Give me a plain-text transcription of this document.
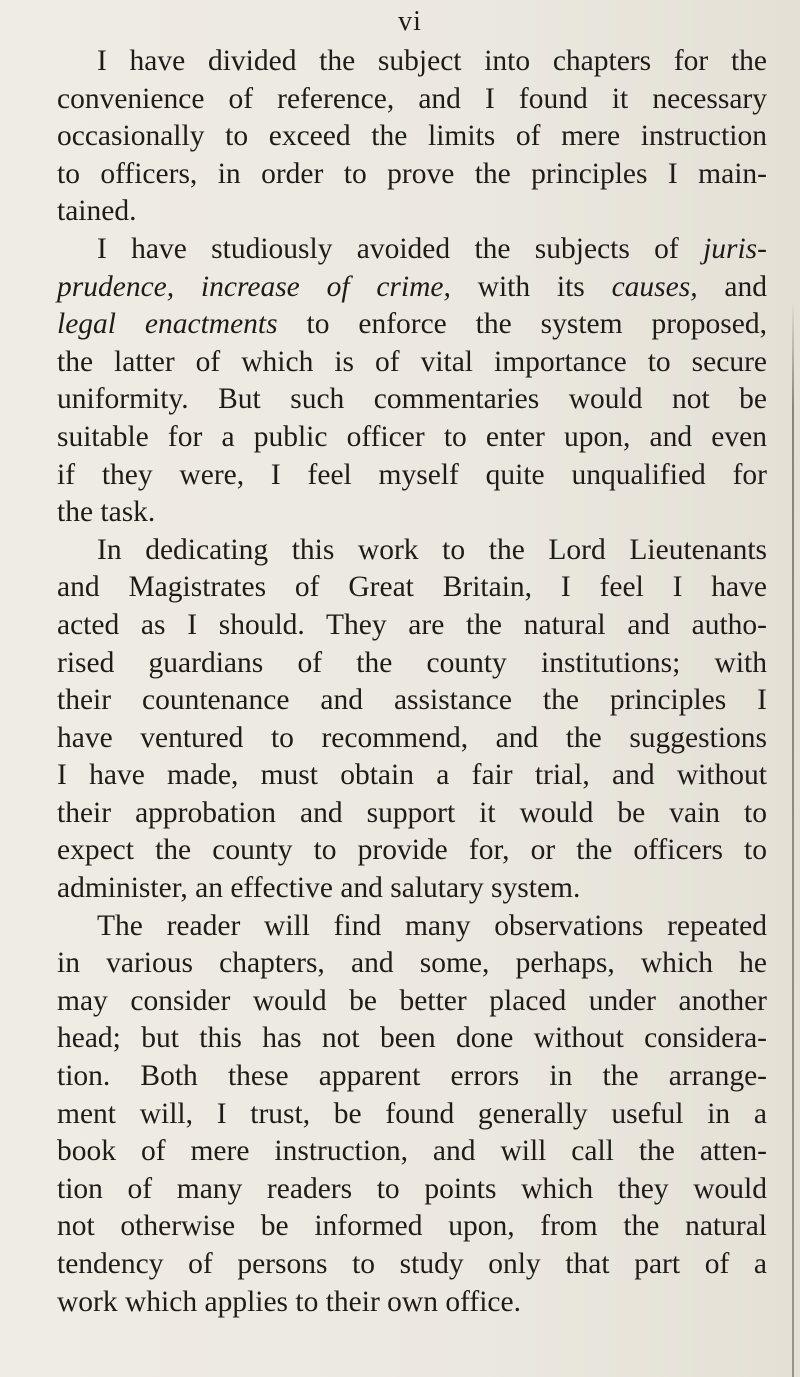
vi
I have divided the subject into chapters for the
convenience of reference, and I found it necessary
occasionally to exceed the limits of mere instruction
to officers, in order to prove the principles I main-
tained.
I have studiously avoided the subjects of juris-
prudence, increase of crime, with its causes, and
legal enactments to enforce the system proposed,
the latter of which is of vital importance to secure
uniformity. But such commentaries would not be
suitable for a public officer to enter upon, and even
if they were, I feel myself quite unqualified for
the task.
In dedicating this work to the Lord Lieutenants
and Magistrates of Great Britain, I feel I have
acted as I should. They are the natural and autho-
rised guardians of the county institutions; with
their countenance and assistance the principles I
have ventured to recommend, and the suggestions
I have made, must obtain a fair trial, and without
their approbation and support it would be vain to
expect the county to provide for, or the officers to
administer, an effective and salutary system.
The reader will find many observations repeated
in various chapters, and some, perhaps, which he
may consider would be better placed under another
head; but this has not been done without considera-
tion. Both these apparent errors in the arrange-
ment will, I trust, be found generally useful in a
book of mere instruction, and will call the atten-
tion of many readers to points which they would
not otherwise be informed upon, from the natural
tendency of persons to study only that part of a
work which applies to their own office.
